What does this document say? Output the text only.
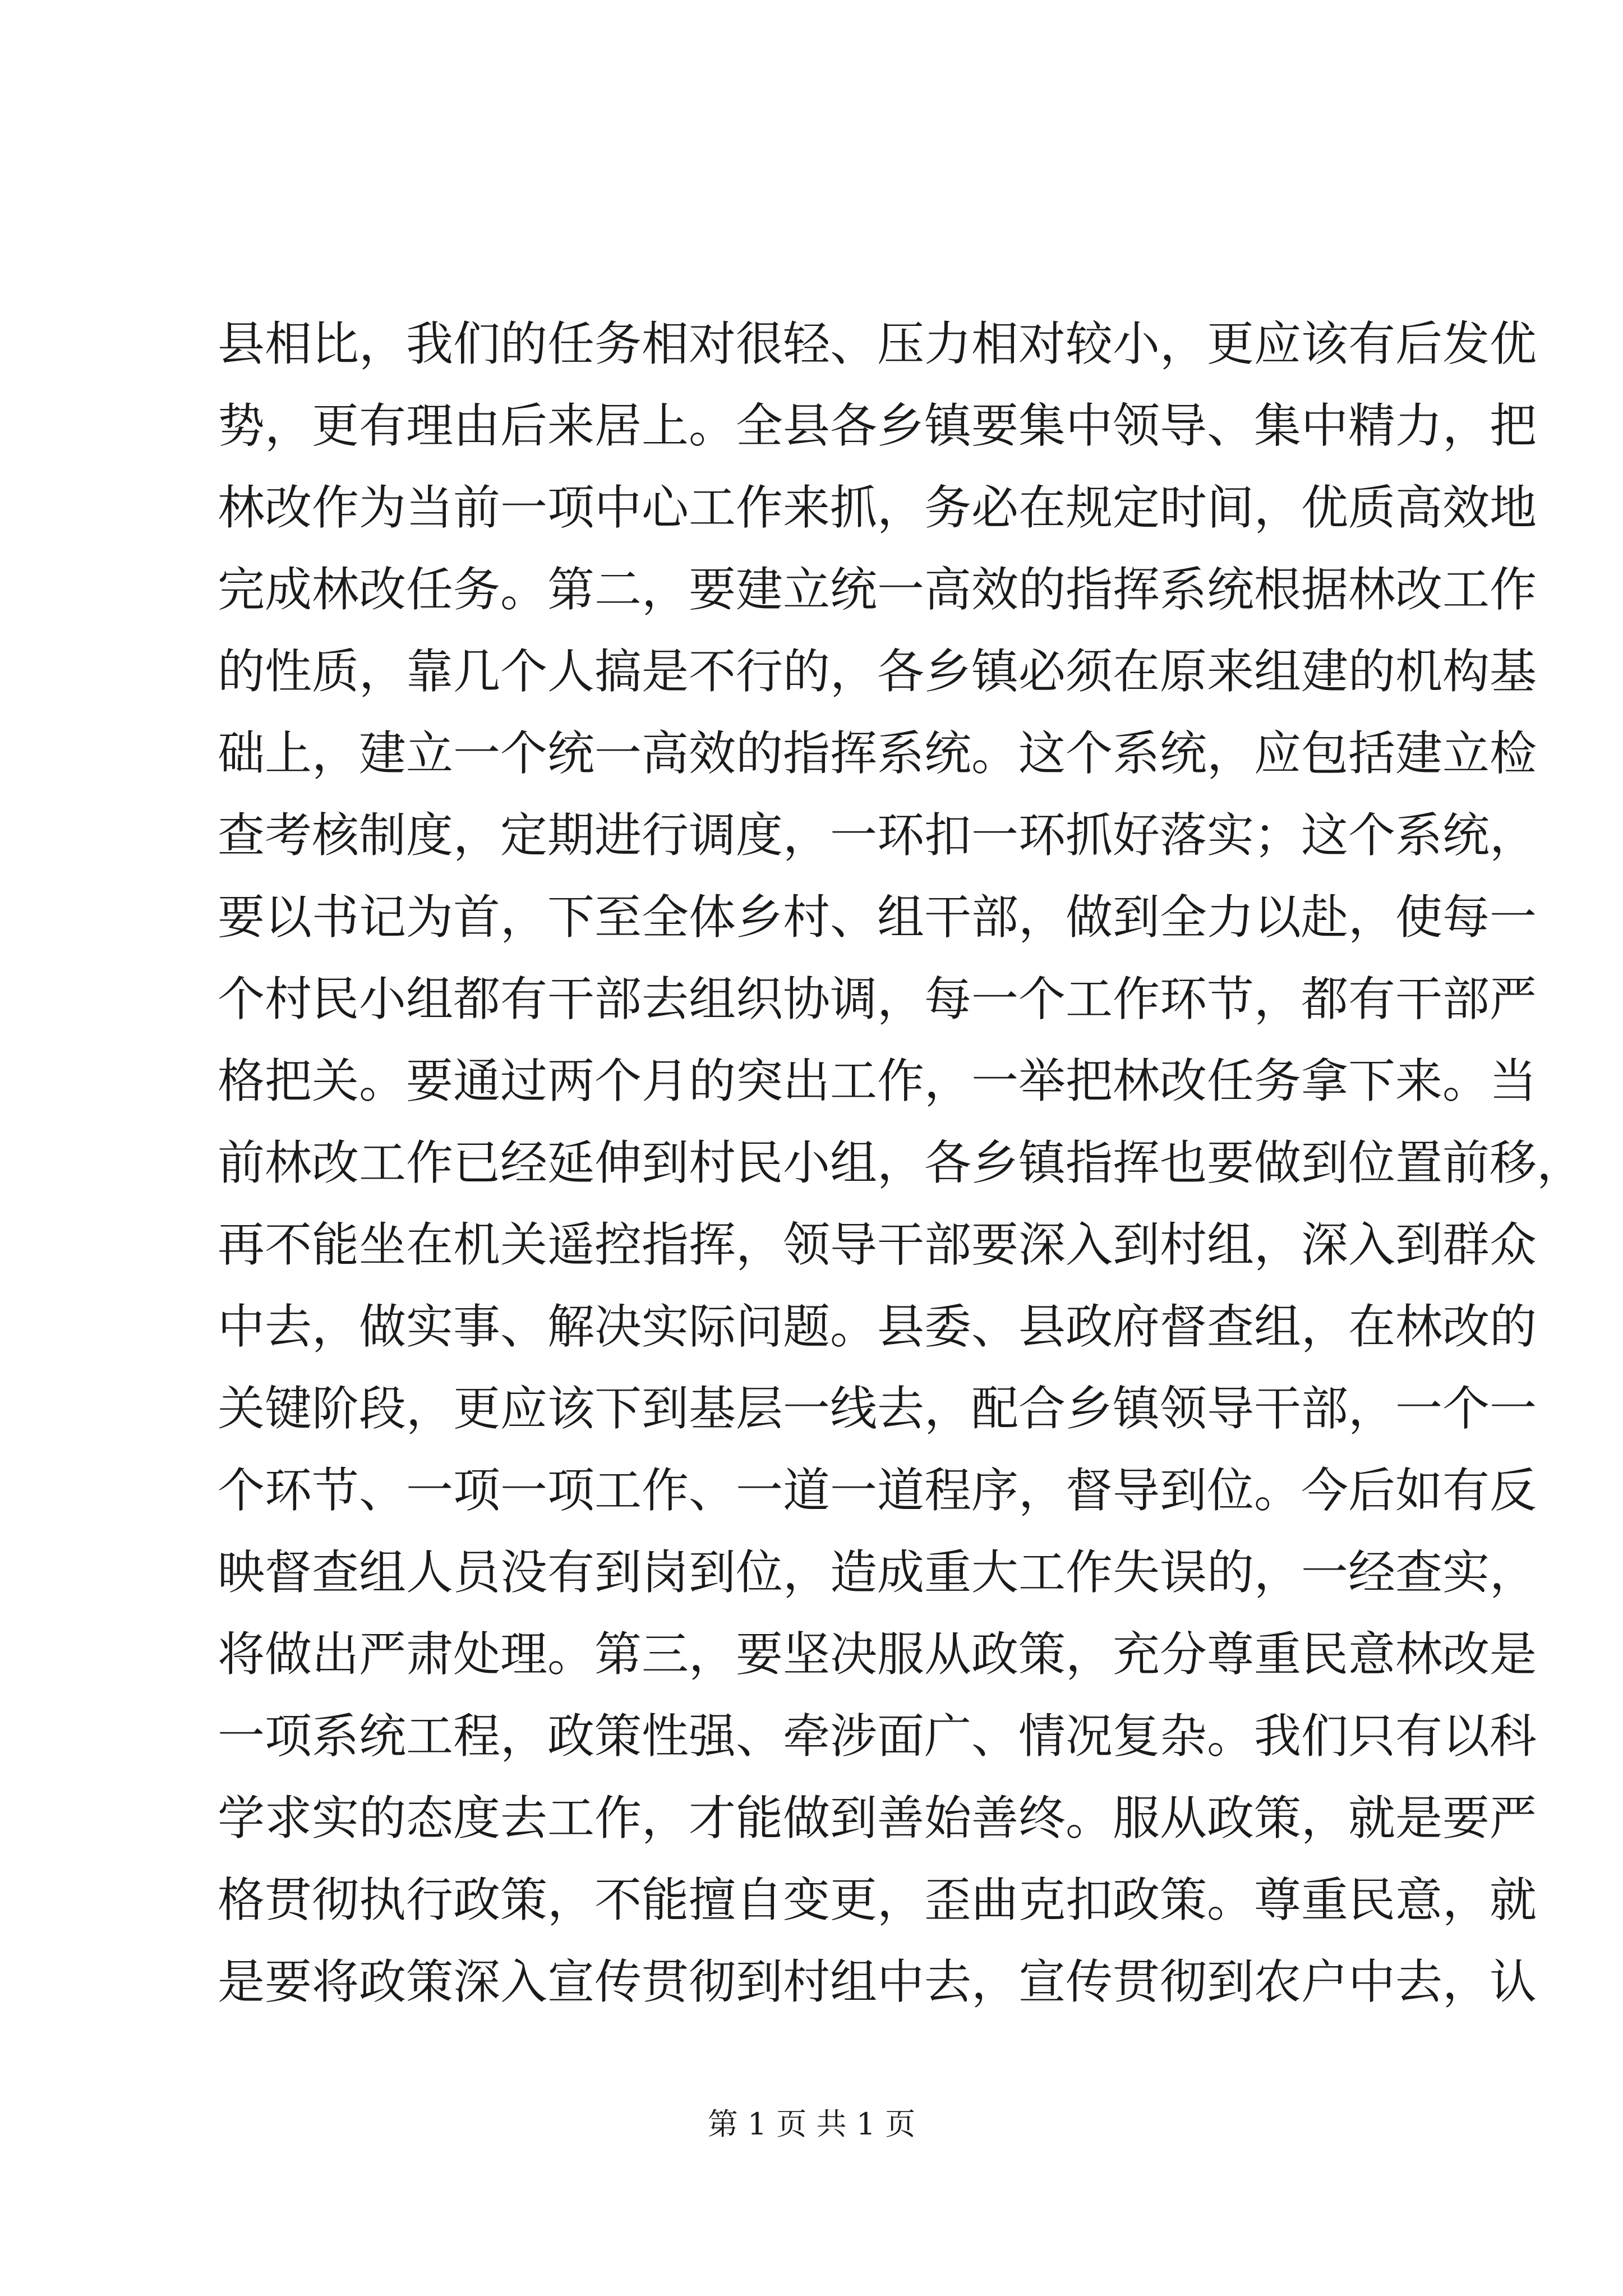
县相比，我们的任务相对很轻、压力相对较小，更应该有后发优
势，更有理由后来居上。全县各乡镇要集中领导、集中精力，把
林改作为当前一项中心工作来抓，务必在规定时间，优质高效地
完成林改任务。第二，要建立统一高效的指挥系统根据林改工作
的性质，靠几个人搞是不行的，各乡镇必须在原来组建的机构基
础上，建立一个统一高效的指挥系统。这个系统，应包括建立检
查考核制度，定期进行调度，一环扣一环抓好落实；这个系统，
要以书记为首，下至全体乡村、组干部，做到全力以赴，使每一
个村民小组都有干部去组织协调，每一个工作环节，都有干部严
格把关。要通过两个月的突出工作，一举把林改任务拿下来。当
前林改工作已经延伸到村民小组，各乡镇指挥也要做到位置前移，
再不能坐在机关遥控指挥，领导干部要深入到村组，深入到群众
中去，做实事、解决实际问题。县委、县政府督查组，在林改的
关键阶段，更应该下到基层一线去，配合乡镇领导干部，一个一
个环节、一项一项工作、一道一道程序，督导到位。今后如有反
映督查组人员没有到岗到位，造成重大工作失误的，一经查实，
将做出严肃处理。第三，要坚决服从政策，充分尊重民意林改是
一项系统工程，政策性强、牵涉面广、情况复杂。我们只有以科
学求实的态度去工作，才能做到善始善终。服从政策，就是要严
格贯彻执行政策，不能擅自变更，歪曲克扣政策。尊重民意，就
是要将政策深入宣传贯彻到村组中去，宣传贯彻到农户中去，认
第 1 页 共 1 页
